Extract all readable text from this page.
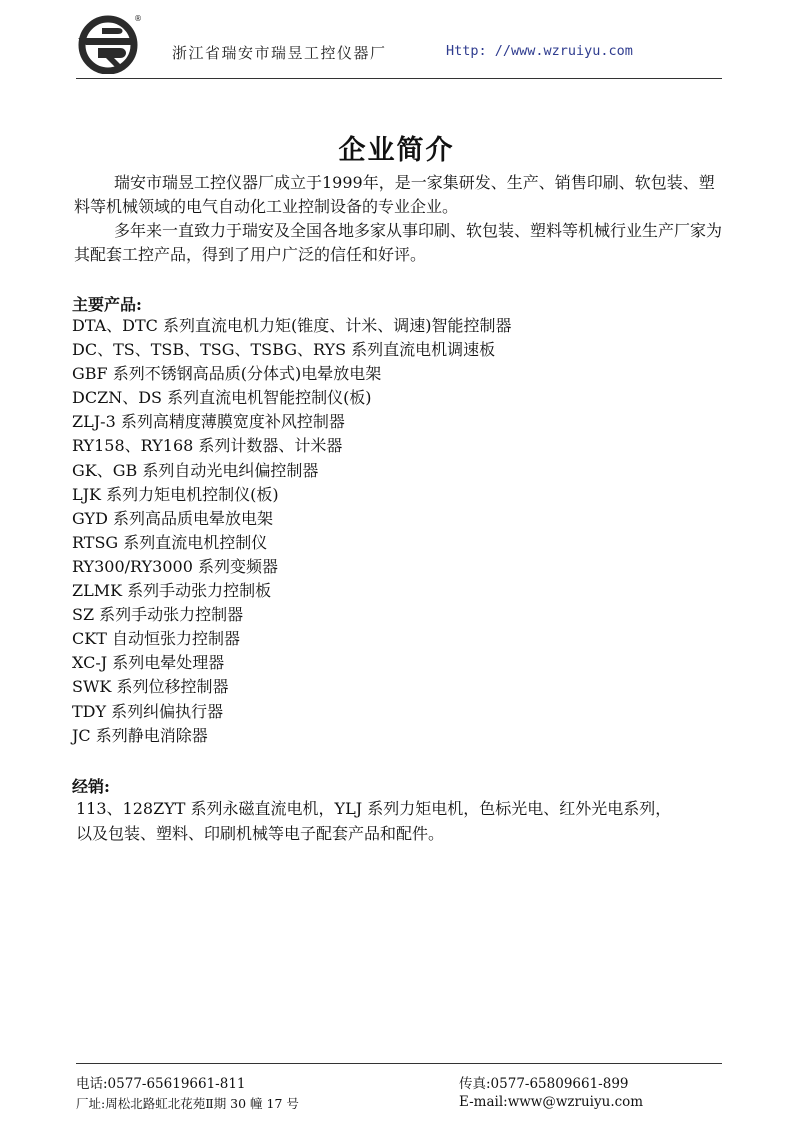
®
浙江省瑞安市瑞昱工控仪器厂	Http: //www.wzruiyu.com
企业简介
瑞安市瑞昱工控仪器厂成立于1999年，是一家集研发、生产、销售印刷、软包装、塑料等机械领域的电气自动化工业控制设备的专业企业。
多年来一直致力于瑞安及全国各地多家从事印刷、软包装、塑料等机械行业生产厂家为其配套工控产品，得到了用户广泛的信任和好评。
主要产品:
DTA、DTC 系列直流电机力矩(锥度、计米、调速)智能控制器
DC、TS、TSB、TSG、TSBG、RYS 系列直流电机调速板
GBF 系列不锈钢高品质(分体式)电晕放电架
DCZN、DS 系列直流电机智能控制仪(板)
ZLJ-3 系列高精度薄膜宽度补风控制器
RY158、RY168 系列计数器、计米器
GK、GB 系列自动光电纠偏控制器
LJK 系列力矩电机控制仪(板)
GYD 系列高品质电晕放电架
RTSG 系列直流电机控制仪
RY300/RY3000 系列变频器
ZLMK 系列手动张力控制板
SZ 系列手动张力控制器
CKT 自动恒张力控制器
XC-J 系列电晕处理器
SWK 系列位移控制器
TDY 系列纠偏执行器
JC 系列静电消除器
经销:
113、128ZYT 系列永磁直流电机，YLJ 系列力矩电机，色标光电、红外光电系列，
以及包装、塑料、印刷机械等电子配套产品和配件。
电话:0577-65619661-811	传真:0577-65809661-899
厂址:周松北路虹北花苑Ⅱ期 30 幢 17 号	E-mail:www@wzruiyu.com
